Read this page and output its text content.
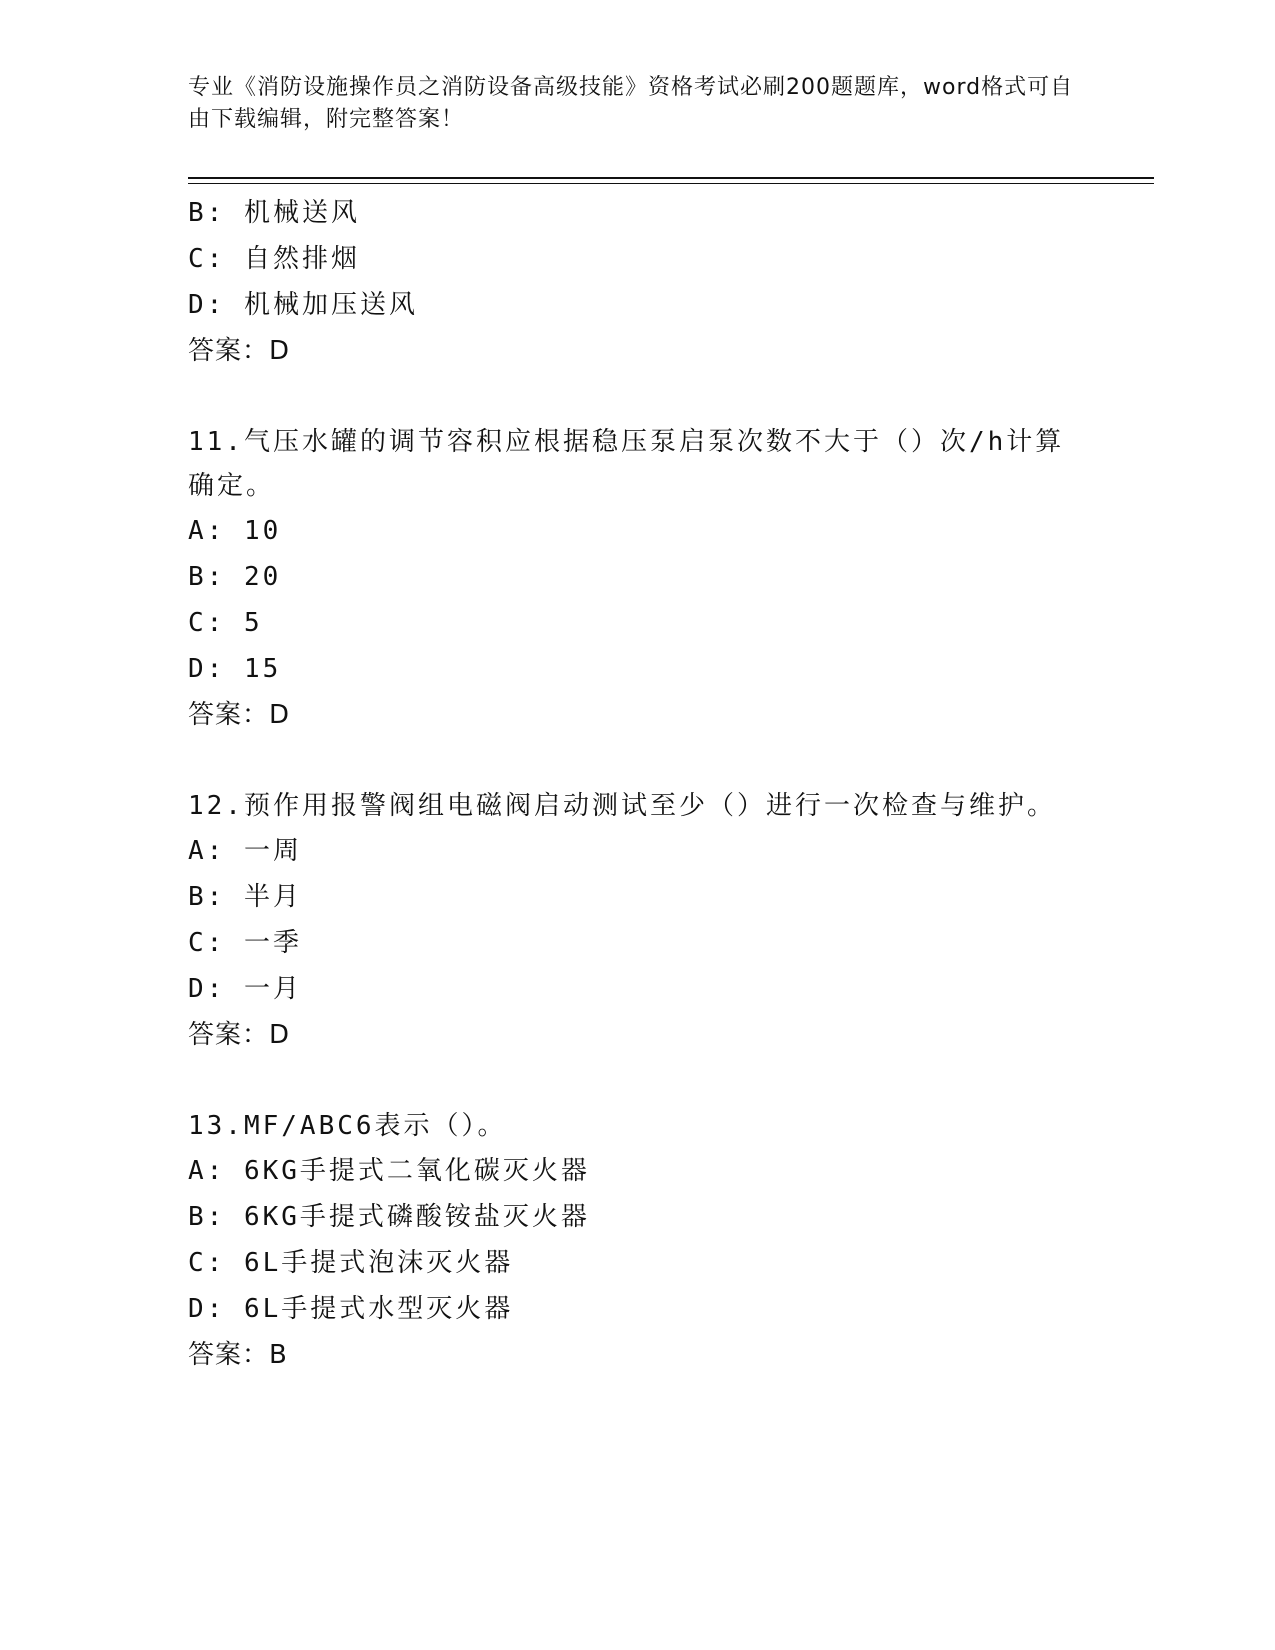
专业《消防设施操作员之消防设备高级技能》资格考试必刷200题题库，word格式可自由下载编辑，附完整答案！
B: 机械送风
C: 自然排烟
D: 机械加压送风
答案：D
11.气压水罐的调节容积应根据稳压泵启泵次数不大于（）次/h计算确定。
A: 10
B: 20
C: 5
D: 15
答案：D
12.预作用报警阀组电磁阀启动测试至少（）进行一次检查与维护。
A: 一周
B: 半月
C: 一季
D: 一月
答案：D
13.MF/ABC6表示（）。
A: 6KG手提式二氧化碳灭火器
B: 6KG手提式磷酸铵盐灭火器
C: 6L手提式泡沫灭火器
D: 6L手提式水型灭火器
答案：B
